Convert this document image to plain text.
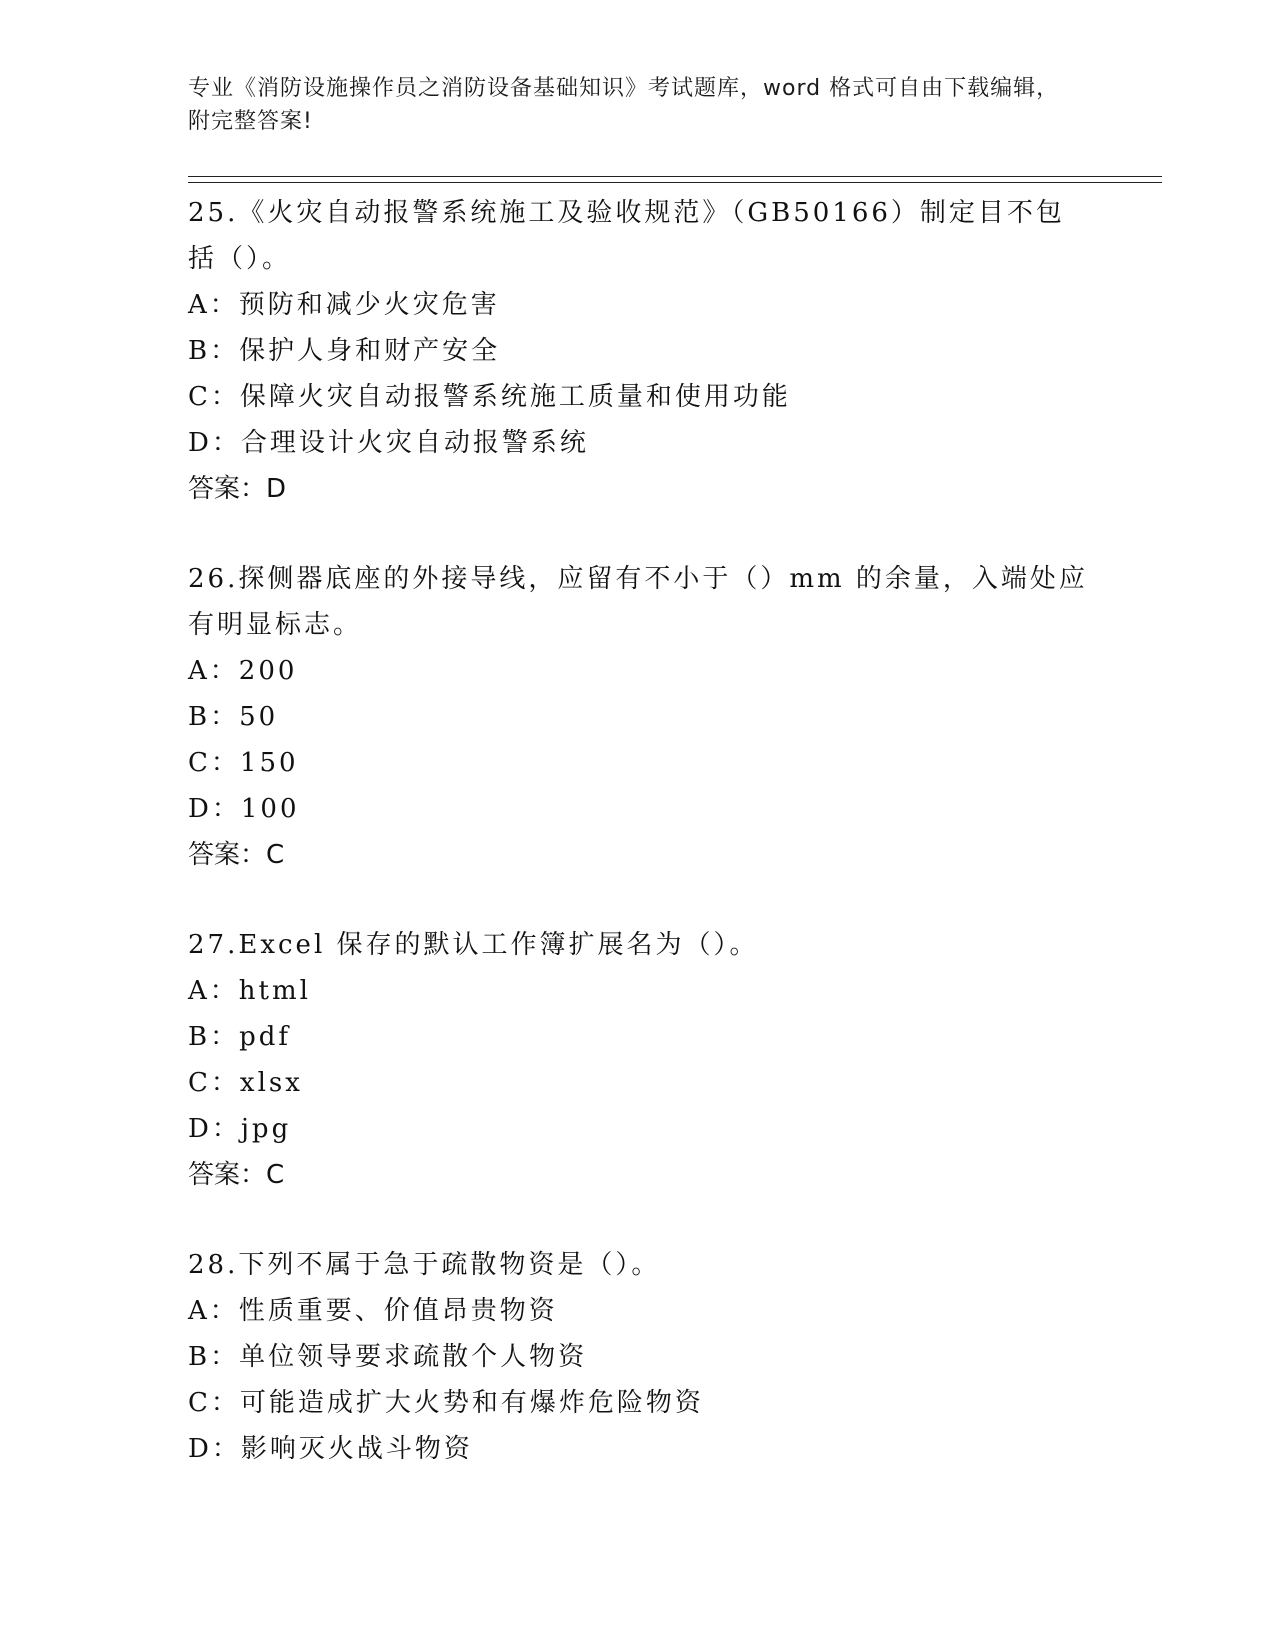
专业《消防设施操作员之消防设备基础知识》考试题库，word 格式可自由下载编辑，附完整答案!

25.《火灾自动报警系统施工及验收规范》（GB50166）制定目不包括（）。

A：预防和减少火灾危害

B：保护人身和财产安全

C：保障火灾自动报警系统施工质量和使用功能

D：合理设计火灾自动报警系统

答案：D

26.探侧器底座的外接导线，应留有不小于（）mm 的余量，入端处应有明显标志。

A：200

B：50

C：150

D：100

答案：C

27.Excel 保存的默认工作簿扩展名为（）。

A：html

B：pdf

C：xlsx

D：jpg

答案：C

28.下列不属于急于疏散物资是（）。

A：性质重要、价值昂贵物资

B：单位领导要求疏散个人物资

C：可能造成扩大火势和有爆炸危险物资

D：影响灭火战斗物资
